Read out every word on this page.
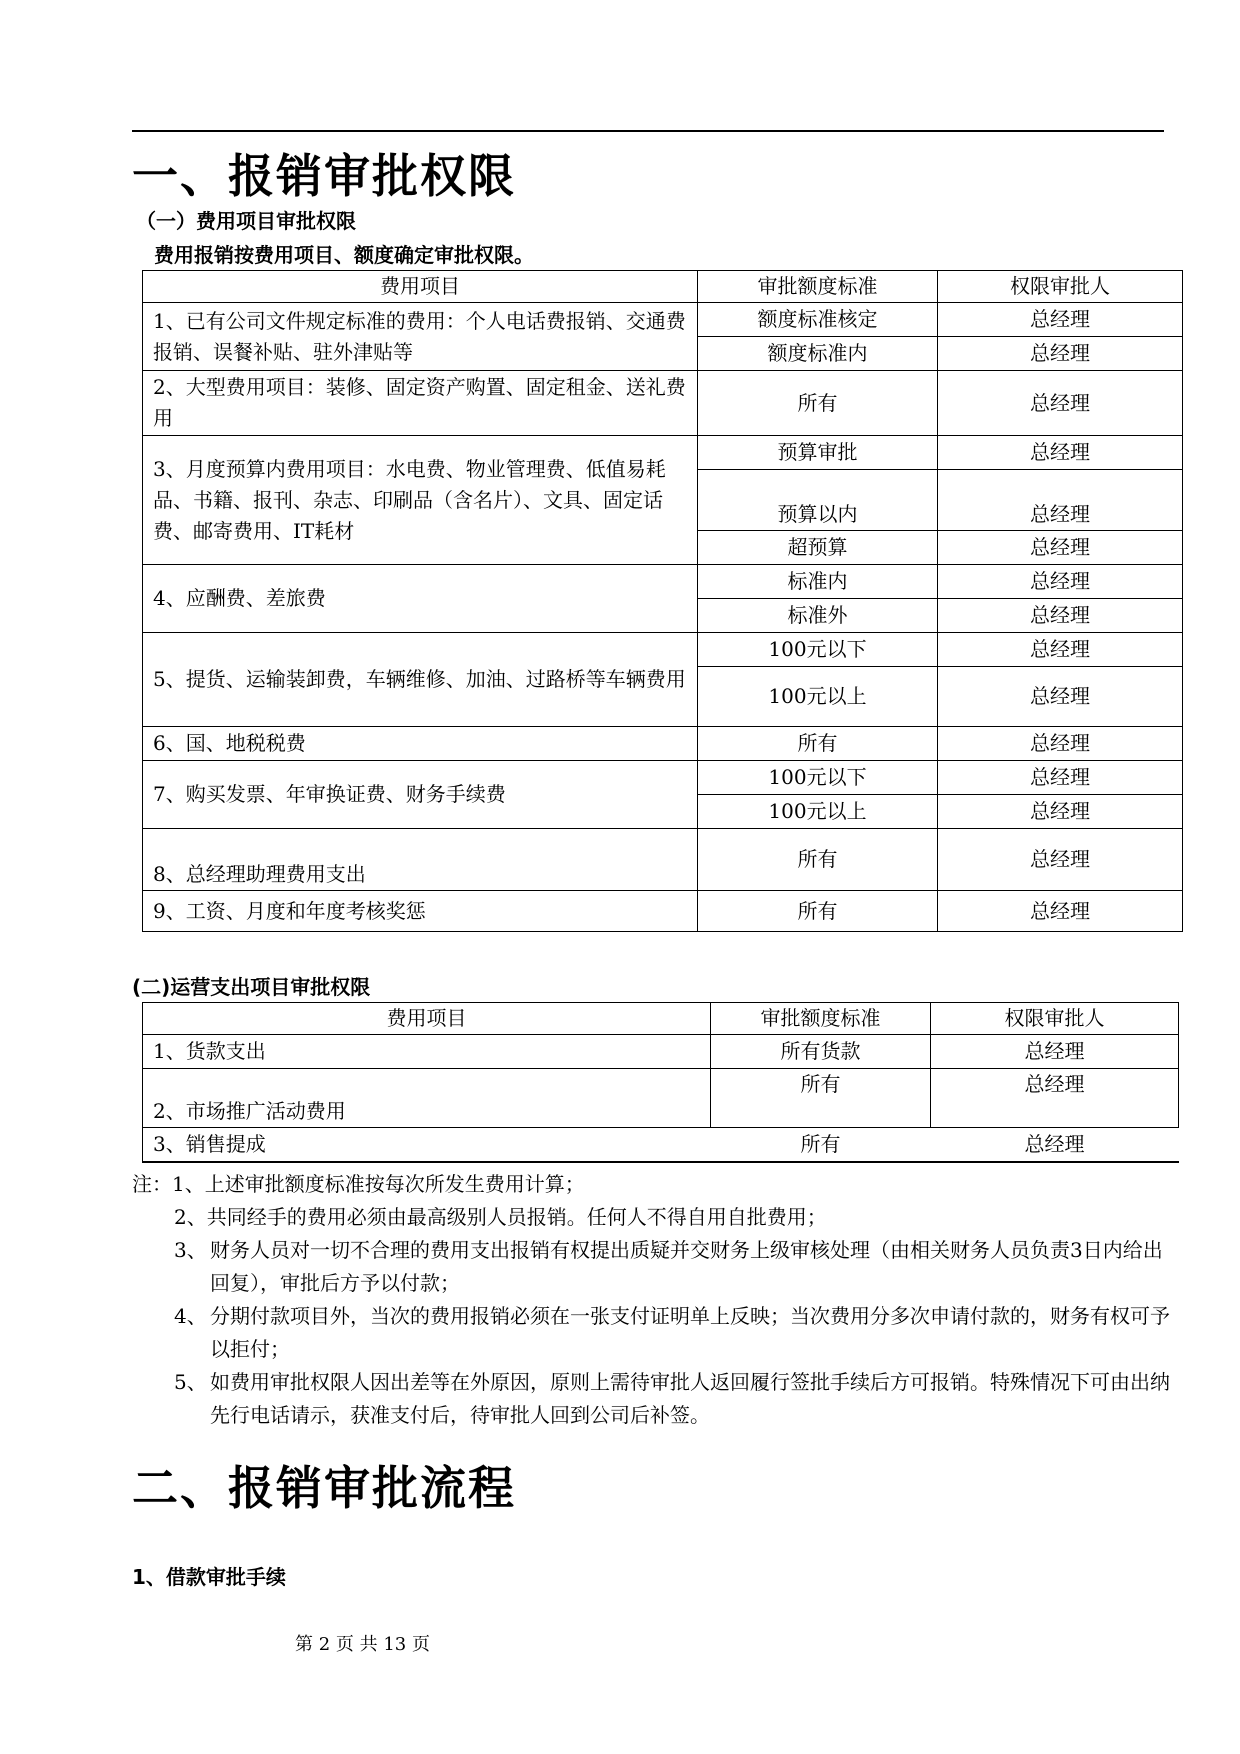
一、报销审批权限
（一）费用项目审批权限
费用报销按费用项目、额度确定审批权限。
费用项目	审批额度标准	权限审批人
1、已有公司文件规定标准的费用：个人电话费报销、交通费报销、误餐补贴、驻外津贴等	额度标准核定	总经理
	额度标准内	总经理
2、大型费用项目：装修、固定资产购置、固定租金、送礼费用	所有	总经理
3、月度预算内费用项目：水电费、物业管理费、低值易耗品、书籍、报刊、杂志、印刷品（含名片）、文具、固定话费、邮寄费用、IT耗材	预算审批	总经理
	预算以内	总经理
	超预算	总经理
4、应酬费、差旅费	标准内	总经理
	标准外	总经理
5、提货、运输装卸费，车辆维修、加油、过路桥等车辆费用	100元以下	总经理
	100元以上	总经理
6、国、地税税费	所有	总经理
7、购买发票、年审换证费、财务手续费	100元以下	总经理
	100元以上	总经理
8、总经理助理费用支出	所有	总经理
9、工资、月度和年度考核奖惩	所有	总经理
(二)运营支出项目审批权限
费用项目	审批额度标准	权限审批人
1、货款支出	所有货款	总经理
2、市场推广活动费用	所有	总经理
3、销售提成	所有	总经理
注：1、上述审批额度标准按每次所发生费用计算；
2、共同经手的费用必须由最高级别人员报销。任何人不得自用自批费用；
3、 财务人员对一切不合理的费用支出报销有权提出质疑并交财务上级审核处理（由相关财务人员负责3日内给出回复），审批后方予以付款；
4、 分期付款项目外，当次的费用报销必须在一张支付证明单上反映；当次费用分多次申请付款的，财务有权可予以拒付；
5、 如费用审批权限人因出差等在外原因，原则上需待审批人返回履行签批手续后方可报销。特殊情况下可由出纳先行电话请示，获准支付后，待审批人回到公司后补签。
二、报销审批流程
1、借款审批手续
第 2 页 共 13 页
